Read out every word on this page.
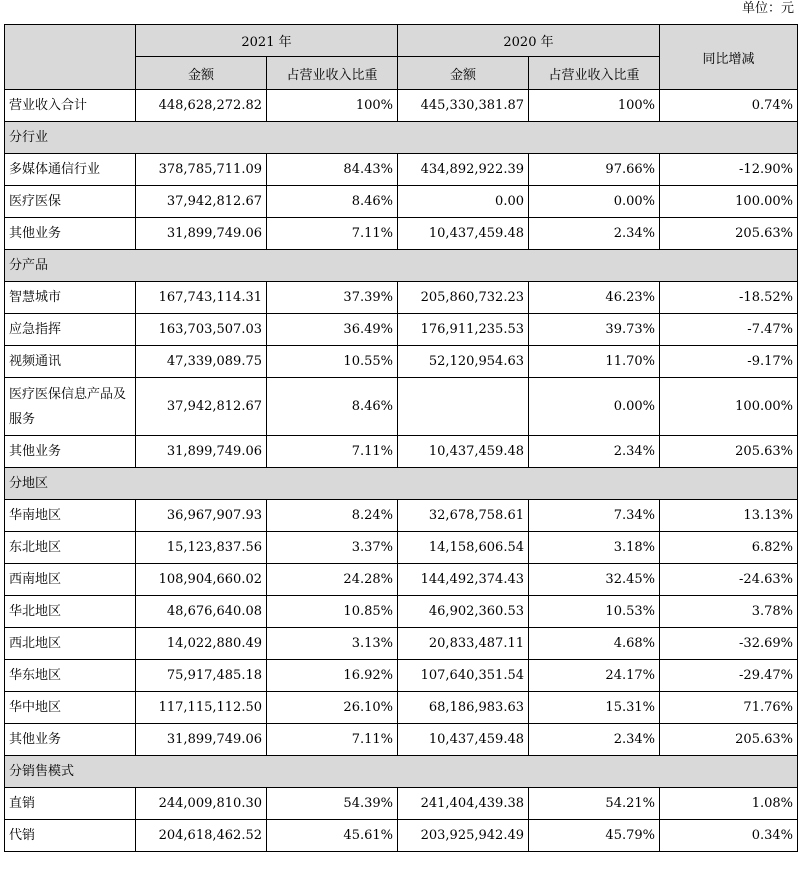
单位：元
	2021 年		2020 年		同比增减
	金额	占营业收入比重	金额	占营业收入比重	
营业收入合计	448,628,272.82	100%	445,330,381.87	100%	0.74%
分行业					
多媒体通信行业	378,785,711.09	84.43%	434,892,922.39	97.66%	-12.90%
医疗医保	37,942,812.67	8.46%	0.00	0.00%	100.00%
其他业务	31,899,749.06	7.11%	10,437,459.48	2.34%	205.63%
分产品					
智慧城市	167,743,114.31	37.39%	205,860,732.23	46.23%	-18.52%
应急指挥	163,703,507.03	36.49%	176,911,235.53	39.73%	-7.47%
视频通讯	47,339,089.75	10.55%	52,120,954.63	11.70%	-9.17%
医疗医保信息产品及服务	37,942,812.67	8.46%		0.00%	100.00%
其他业务	31,899,749.06	7.11%	10,437,459.48	2.34%	205.63%
分地区					
华南地区	36,967,907.93	8.24%	32,678,758.61	7.34%	13.13%
东北地区	15,123,837.56	3.37%	14,158,606.54	3.18%	6.82%
西南地区	108,904,660.02	24.28%	144,492,374.43	32.45%	-24.63%
华北地区	48,676,640.08	10.85%	46,902,360.53	10.53%	3.78%
西北地区	14,022,880.49	3.13%	20,833,487.11	4.68%	-32.69%
华东地区	75,917,485.18	16.92%	107,640,351.54	24.17%	-29.47%
华中地区	117,115,112.50	26.10%	68,186,983.63	15.31%	71.76%
其他业务	31,899,749.06	7.11%	10,437,459.48	2.34%	205.63%
分销售模式					
直销	244,009,810.30	54.39%	241,404,439.38	54.21%	1.08%
代销	204,618,462.52	45.61%	203,925,942.49	45.79%	0.34%
